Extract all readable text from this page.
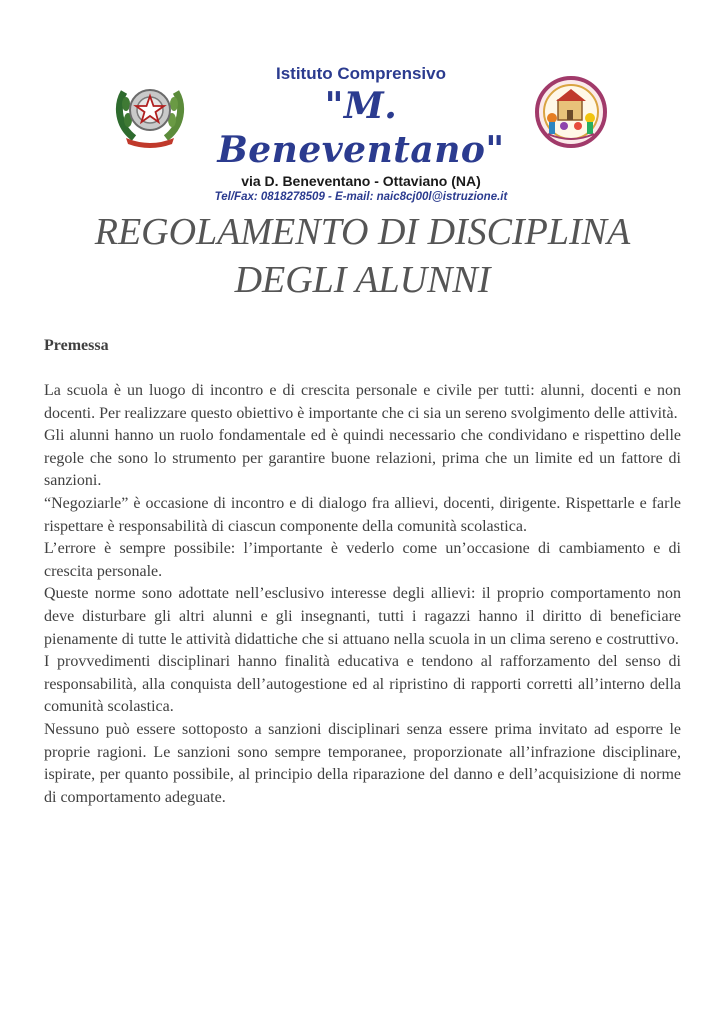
Istituto Comprensivo
"M. Beneventano"
via D. Beneventano - Ottaviano (NA)
Tel/Fax: 0818278509 - E-mail: naic8cj00l@istruzione.it
REGOLAMENTO DI DISCIPLINA
DEGLI ALUNNI
Premessa

La scuola è un luogo di incontro e di crescita personale e civile per tutti: alunni, docenti e non docenti. Per realizzare questo obiettivo è importante che ci sia un sereno svolgimento delle attività.

Gli alunni hanno un ruolo fondamentale ed è quindi necessario che condividano e rispettino delle regole che sono lo strumento per garantire buone relazioni, prima che un limite ed un fattore di sanzioni.

“Negoziarle” è occasione di incontro e di dialogo fra allievi, docenti, dirigente. Rispettarle e farle rispettare è responsabilità di ciascun componente della comunità scolastica.

L’errore è sempre possibile: l’importante è vederlo come un’occasione di cambiamento e di crescita personale.

Queste norme sono adottate nell’esclusivo interesse degli allievi: il proprio comportamento non deve disturbare gli altri alunni e gli insegnanti, tutti i ragazzi hanno il diritto di beneficiare pienamente di tutte le attività didattiche che si attuano nella scuola in un clima sereno e costruttivo.

I provvedimenti disciplinari hanno finalità educativa e tendono al rafforzamento del senso di responsabilità, alla conquista dell’autogestione ed al ripristino di rapporti corretti all’interno della comunità scolastica.

Nessuno può essere sottoposto a sanzioni disciplinari senza essere prima invitato ad esporre le proprie ragioni. Le sanzioni sono sempre temporanee, proporzionate all’infrazione disciplinare, ispirate, per quanto possibile, al principio della riparazione del danno e dell’acquisizione di norme di comportamento adeguate.
